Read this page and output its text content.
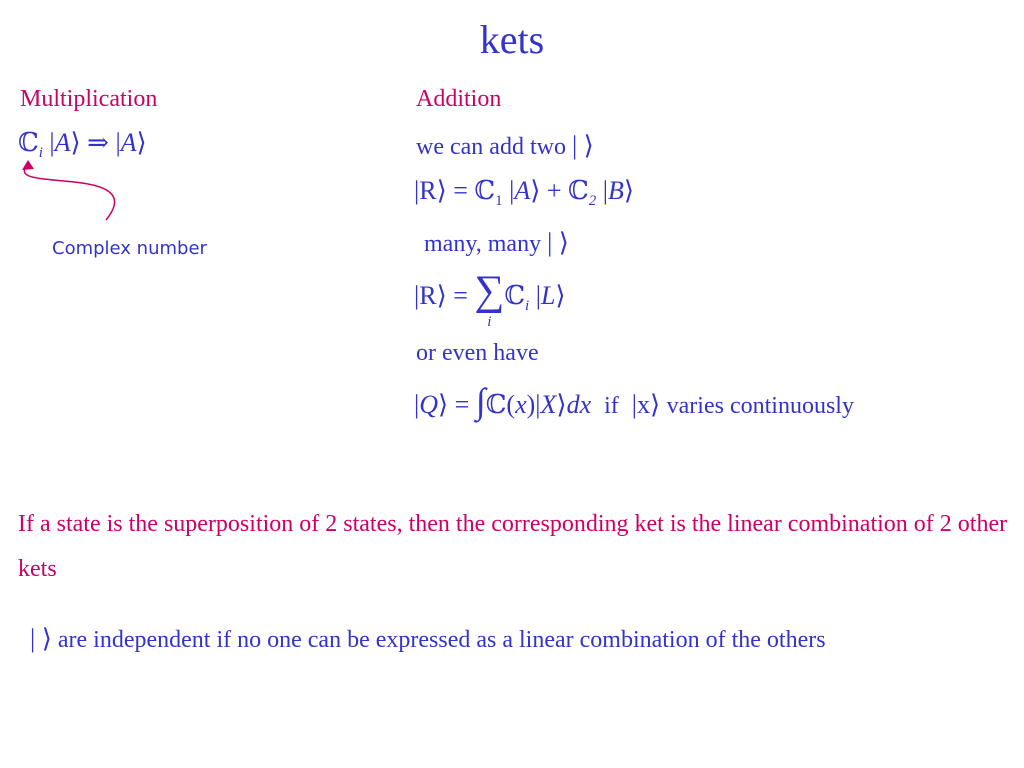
kets
Multiplication
ℂ$_i$ |A⟩ ⇒ |A⟩
Complex number
Addition
we can add two | ⟩
|R⟩ = ℂ$_1$ |A⟩ + ℂ$_2$ |B⟩
many, many | ⟩
|R⟩ = ∑
i
ℂ$_i$ |L⟩
or even have
|Q⟩ = ∫ℂ(x)|X⟩dx if |x⟩ varies continuously
If a state is the superposition of 2 states, then the corresponding ket is the linear combination of 2 other kets
| ⟩ are independent if no one can be expressed as a linear combination of the others
